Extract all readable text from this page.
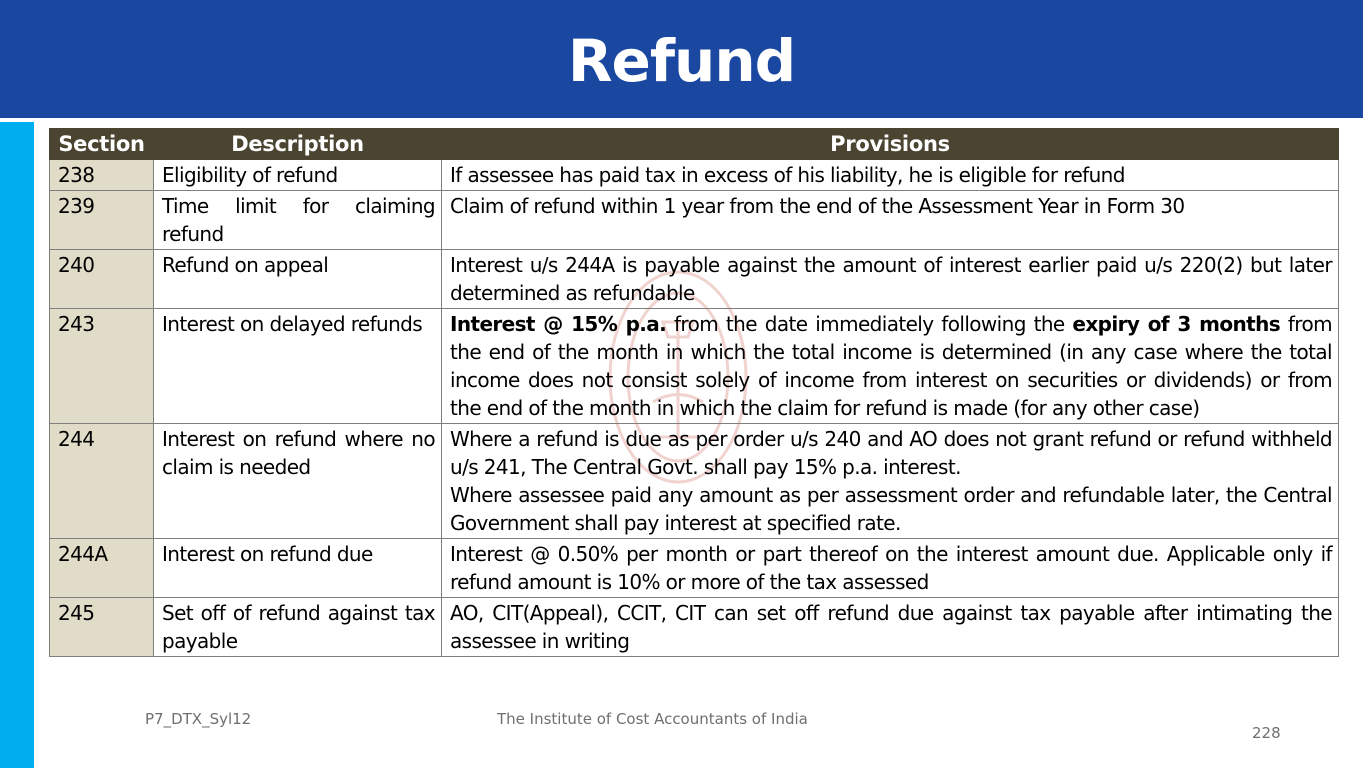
Refund
Section	Description	Provisions
238	Eligibility of refund	If assessee has paid tax in excess of his liability, he is eligible for refund
239	Time limit for claiming refund	Claim of refund within 1 year from the end of the Assessment Year in Form 30
240	Refund on appeal	Interest u/s 244A is payable against the amount of interest earlier paid u/s 220(2) but later determined as refundable
243	Interest on delayed refunds	Interest @ 15% p.a. from the date immediately following the expiry of 3 months from the end of the month in which the total income is determined (in any case where the total income does not consist solely of income from interest on securities or dividends) or from the end of the month in which the claim for refund is made (for any other case)
244	Interest on refund where no claim is needed	Where a refund is due as per order u/s 240 and AO does not grant refund or refund withheld u/s 241, The Central Govt. shall pay 15% p.a. interest.
Where assessee paid any amount as per assessment order and refundable later, the Central Government shall pay interest at specified rate.

244A	Interest on refund due	Interest @ 0.50% per month or part thereof on the interest amount due. Applicable only if refund amount is 10% or more of the tax assessed
245	Set off of refund against tax payable	AO, CIT(Appeal), CCIT, CIT can set off refund due against tax payable after intimating the assessee in writing
P7_DTX_Syl12	The Institute of Cost Accountants of India
228
